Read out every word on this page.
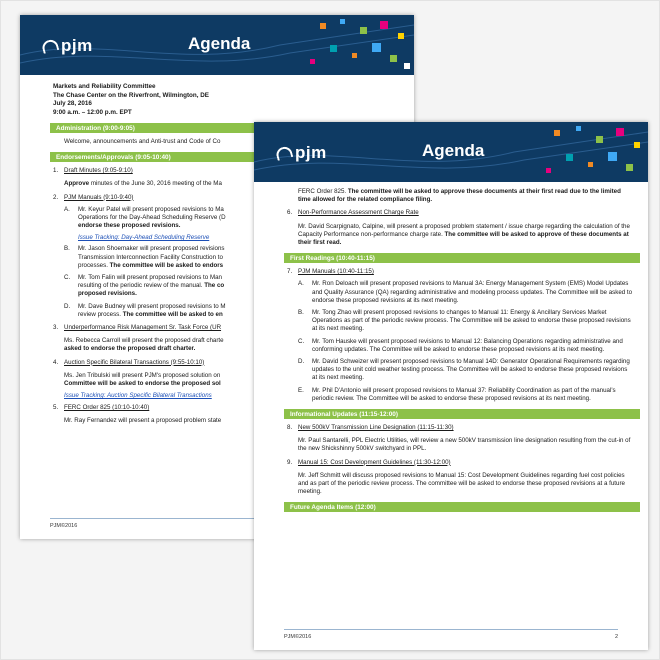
pjm	Agenda
Markets and Reliability Committee
The Chase Center on the Riverfront, Wilmington, DE
July 28, 2016
9:00 a.m. – 12:00 p.m. EPT
Administration (9:00-9:05)
Welcome, announcements and Anti-trust and Code of Co
Endorsements/Approvals (9:05-10:40)
1. Draft Minutes (9:05-9:10)
Approve minutes of the June 30, 2016 meeting of the Ma
2. PJM Manuals (9:10-9:40)
A.	Mr. Keyur Patel will present proposed revisions to Ma
Operations for the Day-Ahead Scheduling Reserve (D
endorse these proposed revisions.
Issue Tracking: Day-Ahead Scheduling Reserve
B.	Mr. Jason Shoemaker will present proposed revisions
Transmission Interconnection Facility Construction to
processes. The committee will be asked to endors
C.	Mr. Tom Falin will present proposed revisions to Man
resulting of the periodic review of the manual. The co
proposed revisions.
D.	Mr. Dave Budney will present proposed revisions to M
review process. The committee will be asked to en
3. Underperformance Risk Management Sr. Task Force (UR
Ms. Rebecca Carroll will present the proposed draft charte
asked to endorse the proposed draft charter.
4. Auction Specific Bilateral Transactions (9:55-10:10)
Ms. Jen Tribulski will present PJM's proposed solution on
Committee will be asked to endorse the proposed sol
Issue Tracking: Auction Specific Bilateral Transactions
5. FERC Order 825 (10:10-10:40)
Mr. Ray Fernandez will present a proposed problem state
PJM©2016
pjm	Agenda
FERC Order 825. The committee will be asked to approve these documents at their first read due to the limited time allowed for the related compliance filing.
6. Non-Performance Assessment Charge Rate
Mr. David Scarpignato, Calpine, will present a proposed problem statement / issue charge regarding the calculation of the Capacity Performance non-performance charge rate. The committee will be asked to approve of these documents at their first read.
First Readings (10:40-11:15)
7. PJM Manuals (10:40-11:15)
A.	Mr. Ron Deloach will present proposed revisions to Manual 3A: Energy Management System (EMS) Model Updates and Quality Assurance (QA) regarding administrative and modeling process updates. The Committee will be asked to endorse these proposed revisions at its next meeting.
B.	Mr. Tong Zhao will present proposed revisions to changes to Manual 11: Energy & Ancillary Services Market Operations as part of the periodic review process. The Committee will be asked to endorse these proposed revisions at its next meeting.
C.	Mr. Tom Hauske will present proposed revisions to Manual 12: Balancing Operations regarding administrative and conforming updates. The Committee will be asked to endorse these proposed revisions at its next meeting.
D.	Mr. David Schweizer will present proposed revisions to Manual 14D: Generator Operational Requirements regarding updates to the unit cold weather testing process. The Committee will be asked to endorse these proposed revisions at its next meeting.
E.	Mr. Phil D'Antonio will present proposed revisions to Manual 37: Reliability Coordination as part of the manual's periodic review. The Committee will be asked to endorse these proposed revisions at its next meeting.
Informational Updates (11:15-12:00)
8. New 500kV Transmission Line Designation (11:15-11:30)
Mr. Paul Santarelli, PPL Electric Utilities, will review a new 500kV transmission line designation resulting from the cut-in of the new Shickshinny 500kV switchyard in PPL.
9. Manual 15: Cost Development Guidelines (11:30-12:00)
Mr. Jeff Schmitt will discuss proposed revisions to Manual 15: Cost Development Guidelines regarding fuel cost policies and as part of the periodic review process. The committee will be asked to endorse these proposed revisions at a future meeting.
Future Agenda Items (12:00)
PJM©2016	2
